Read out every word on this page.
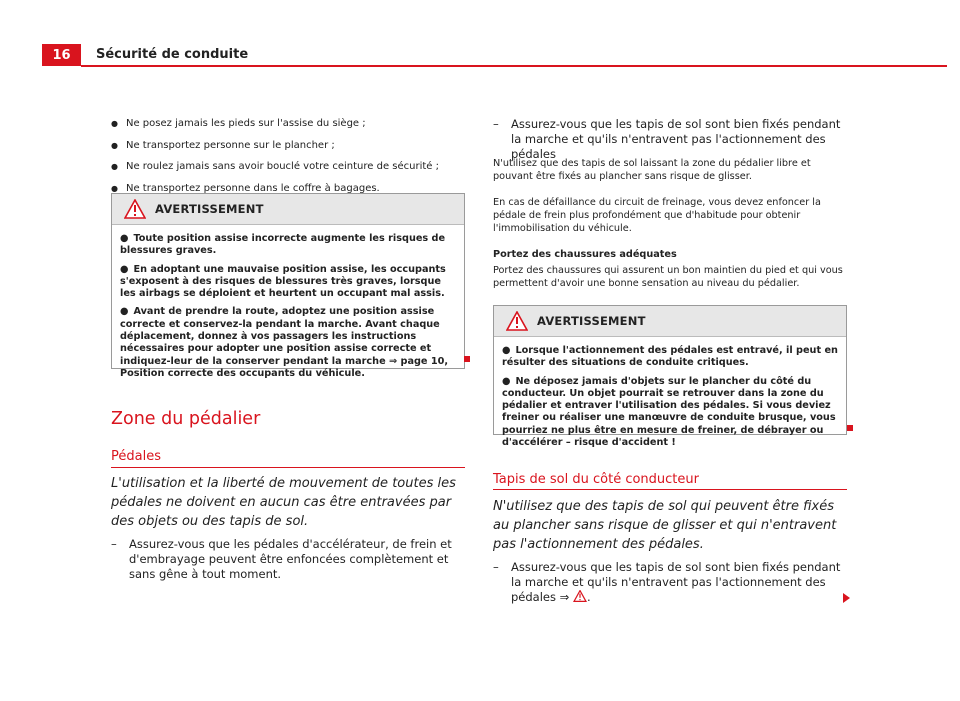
16	Sécurité de conduite
● Ne posez jamais les pieds sur l'assise du siège ;
● Ne transportez personne sur le plancher ;
● Ne roulez jamais sans avoir bouclé votre ceinture de sécurité ;
● Ne transportez personne dans le coffre à bagages.
AVERTISSEMENT

● Toute position assise incorrecte augmente les risques de blessures graves.

● En adoptant une mauvaise position assise, les occupants s'exposent à des risques de blessures très graves, lorsque les airbags se déploient et heurtent un occupant mal assis.

● Avant de prendre la route, adoptez une position assise correcte et conservez-la pendant la marche. Avant chaque déplacement, donnez à vos passagers les instructions nécessaires pour adopter une position assise correcte et indiquez-leur de la conserver pendant la marche ⇒ page 10, Position correcte des occupants du véhicule.

Zone du pédalier
Pédales

L'utilisation et la liberté de mouvement de toutes les pédales ne doivent en aucun cas être entravées par des objets ou des tapis de sol.

– Assurez-vous que les pédales d'accélérateur, de frein et d'embrayage peuvent être enfoncées complètement et sans gêne à tout moment.

– Assurez-vous que les tapis de sol sont bien fixés pendant la marche et qu'ils n'entravent pas l'actionnement des pédales

N'utilisez que des tapis de sol laissant la zone du pédalier libre et pouvant être fixés au plancher sans risque de glisser.

En cas de défaillance du circuit de freinage, vous devez enfoncer la pédale de frein plus profondément que d'habitude pour obtenir l'immobilisation du véhicule.

Portez des chaussures adéquates

Portez des chaussures qui assurent un bon maintien du pied et qui vous permettent d'avoir une bonne sensation au niveau du pédalier.

AVERTISSEMENT

● Lorsque l'actionnement des pédales est entravé, il peut en résulter des situations de conduite critiques.

● Ne déposez jamais d'objets sur le plancher du côté du conducteur. Un objet pourrait se retrouver dans la zone du pédalier et entraver l'utilisation des pédales. Si vous deviez freiner ou réaliser une manœuvre de conduite brusque, vous pourriez ne plus être en mesure de freiner, de débrayer ou d'accélérer – risque d'accident !

Tapis de sol du côté conducteur

N'utilisez que des tapis de sol qui peuvent être fixés au plancher sans risque de glisser et qui n'entravent pas l'actionnement des pédales.

– Assurez-vous que les tapis de sol sont bien fixés pendant la marche et qu'ils n'entravent pas l'actionnement des pédales ⇒ .
